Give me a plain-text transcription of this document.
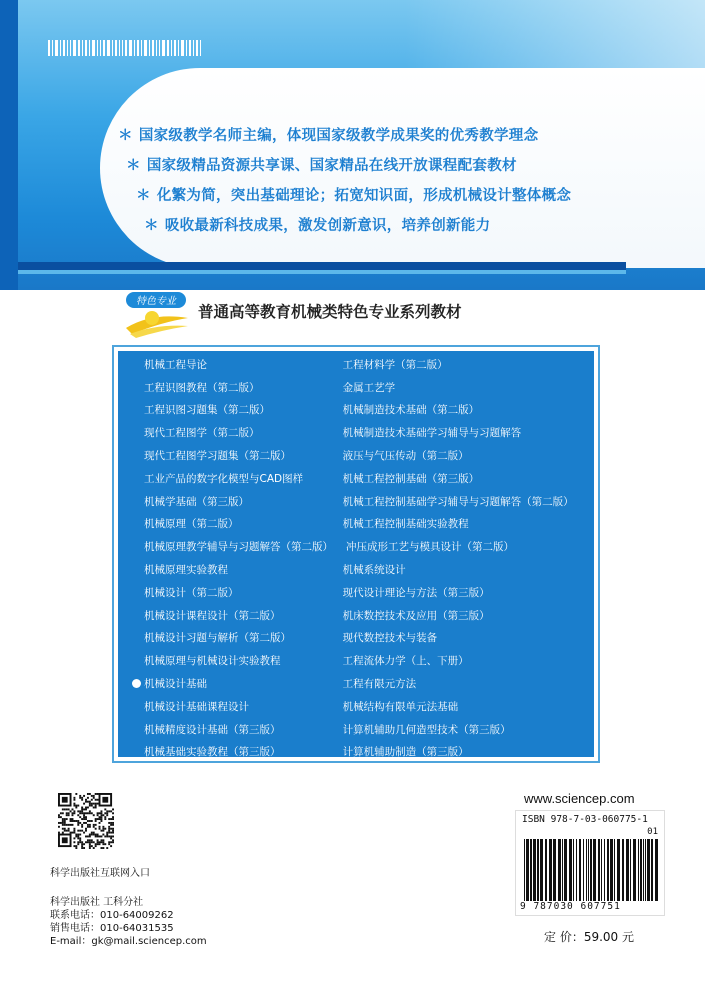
＊ 国家级教学名师主编，体现国家级教学成果奖的优秀教学理念
＊ 国家级精品资源共享课、国家精品在线开放课程配套教材
＊ 化繁为简，突出基础理论；拓宽知识面，形成机械设计整体概念
＊ 吸收最新科技成果，激发创新意识，培养创新能力
特色专业
普通高等教育机械类特色专业系列教材
机械工程导论	工程材料学（第二版）
工程识图教程（第二版）	金属工艺学
工程识图习题集（第二版）	机械制造技术基础（第二版）
现代工程图学（第二版）	机械制造技术基础学习辅导与习题解答
现代工程图学习题集（第二版）	液压与气压传动（第二版）
工业产品的数字化模型与CAD图样	机械工程控制基础（第三版）
机械学基础（第三版）	机械工程控制基础学习辅导与习题解答（第二版）
机械原理（第二版）	机械工程控制基础实验教程
机械原理教学辅导与习题解答（第二版）	冲压成形工艺与模具设计（第二版）
机械原理实验教程	机械系统设计
机械设计（第二版）	现代设计理论与方法（第三版）
机械设计课程设计（第二版）	机床数控技术及应用（第三版）
机械设计习题与解析（第二版）	现代数控技术与装备
机械原理与机械设计实验教程	工程流体力学（上、下册）
机械设计基础	工程有限元方法
机械设计基础课程设计	机械结构有限单元法基础
机械精度设计基础（第三版）	计算机辅助几何造型技术（第三版）
机械基础实验教程（第三版）	计算机辅助制造（第三版）
科学出版社互联网入口
科学出版社 工科分社
联系电话：010-64009262
销售电话：010-64031535
E-mail：gk@mail.sciencep.com
www.sciencep.com
ISBN 978-7-03-060775-1
01
9 787030 607751
定 价：59.00 元
